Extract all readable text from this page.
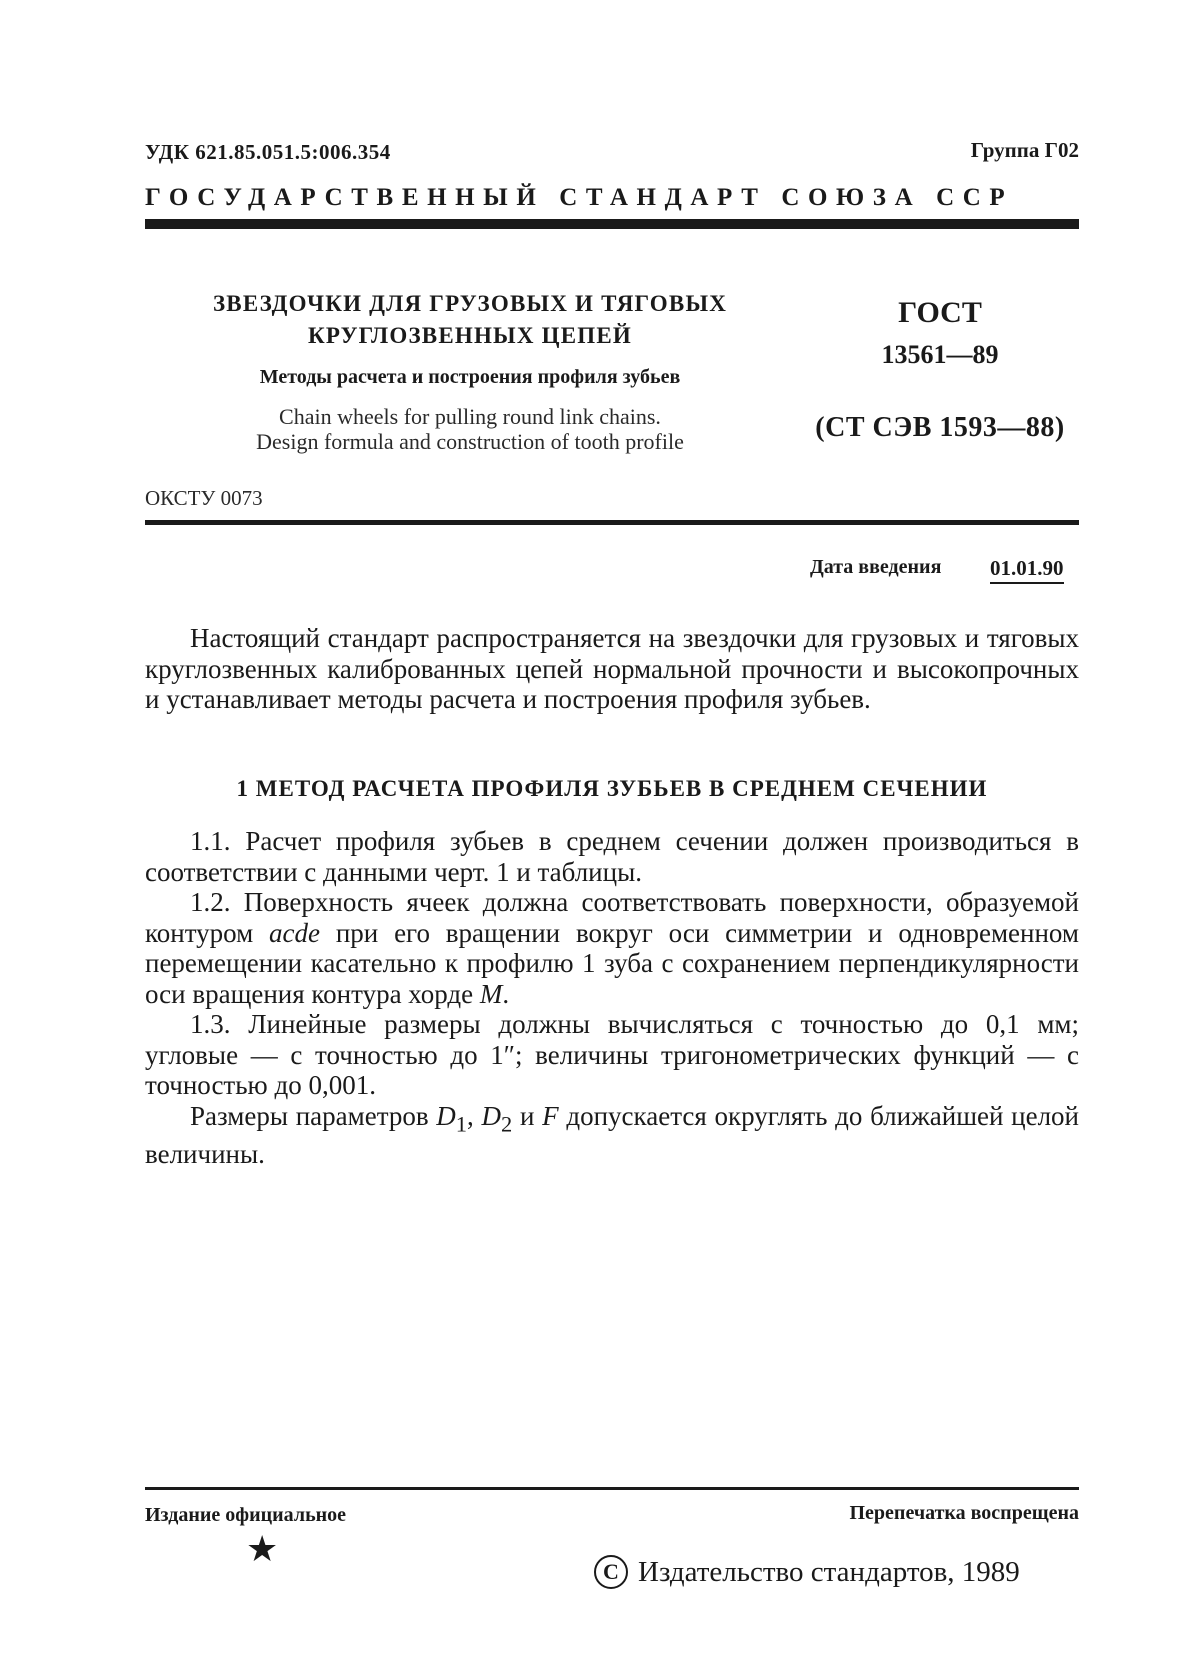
УДК 621.85.051.5:006.354	Группа Г02
ГОСУДАРСТВЕННЫЙ СТАНДАРТ СОЮЗА ССР
ЗВЕЗДОЧКИ ДЛЯ ГРУЗОВЫХ И ТЯГОВЫХ
КРУГЛОЗВЕННЫХ ЦЕПЕЙ
Методы расчета и построения профиля зубьев
Chain wheels for pulling round link chains.
Design formula and construction of tooth profile
ГОСТ
13561—89
(СТ СЭВ 1593—88)
ОКСТУ 0073
Дата введения 01.01.90
Настоящий стандарт распространяется на звездочки для грузовых и тяговых круглозвенных калиброванных цепей нормальной прочности и высокопрочных и устанавливает методы расчета и построения профиля зубьев.
1 МЕТОД РАСЧЕТА ПРОФИЛЯ ЗУБЬЕВ В СРЕДНЕМ СЕЧЕНИИ

1.1. Расчет профиля зубьев в среднем сечении должен производиться в соответствии с данными черт. 1 и таблицы.

1.2. Поверхность ячеек должна соответствовать поверхности, образуемой контуром acde при его вращении вокруг оси симметрии и одновременном перемещении касательно к профилю 1 зуба с сохранением перпендикулярности оси вращения контура хорде M.

1.3. Линейные размеры должны вычисляться с точностью до 0,1 мм; угловые — с точностью до 1″; величины тригонометрических функций — с точностью до 0,001.

Размеры параметров $D_1$, $D_2$ и F допускается округлять до ближайшей целой величины.

Издание официальное	Перепечатка воспрещена
★
C Издательство стандартов, 1989
